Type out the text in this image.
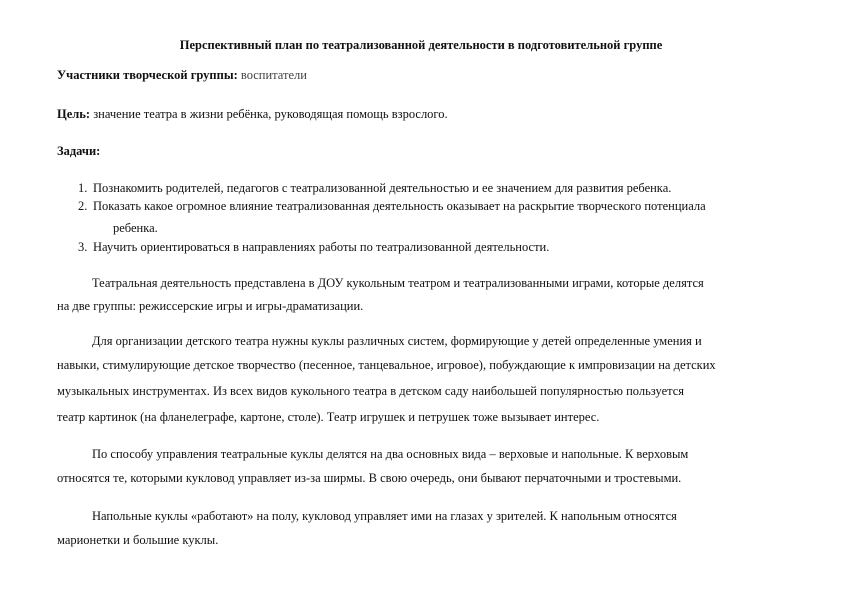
Перспективный план по театрализованной деятельности в подготовительной группе
Участники творческой группы: воспитатели
Цель: значение театра в жизни ребёнка, руководящая помощь взрослого.
Задачи:
1. Познакомить родителей, педагогов с театрализованной деятельностью и ее значением для развития ребенка.
2. Показать какое огромное влияние театрализованная деятельность оказывает на раскрытие творческого потенциала
ребенка.
3. Научить ориентироваться в направлениях работы по театрализованной деятельности.
Театральная деятельность представлена в ДОУ кукольным театром и театрализованными играми, которые делятся
на две группы: режиссерские игры и игры-драматизации.
Для организации детского театра нужны куклы различных систем, формирующие у детей определенные умения и
навыки, стимулирующие детское творчество (песенное, танцевальное, игровое), побуждающие к импровизации на детских
музыкальных инструментах. Из всех видов кукольного театра в детском саду наибольшей популярностью пользуется
театр картинок (на фланелеграфе, картоне, столе). Театр игрушек и петрушек тоже вызывает интерес.
По способу управления театральные куклы делятся на два основных вида – верховые и напольные. К верховым
относятся те, которыми кукловод управляет из-за ширмы. В свою очередь, они бывают перчаточными и тростевыми.
Напольные куклы «работают» на полу, кукловод управляет ими на глазах у зрителей. К напольным относятся
марионетки и большие куклы.
